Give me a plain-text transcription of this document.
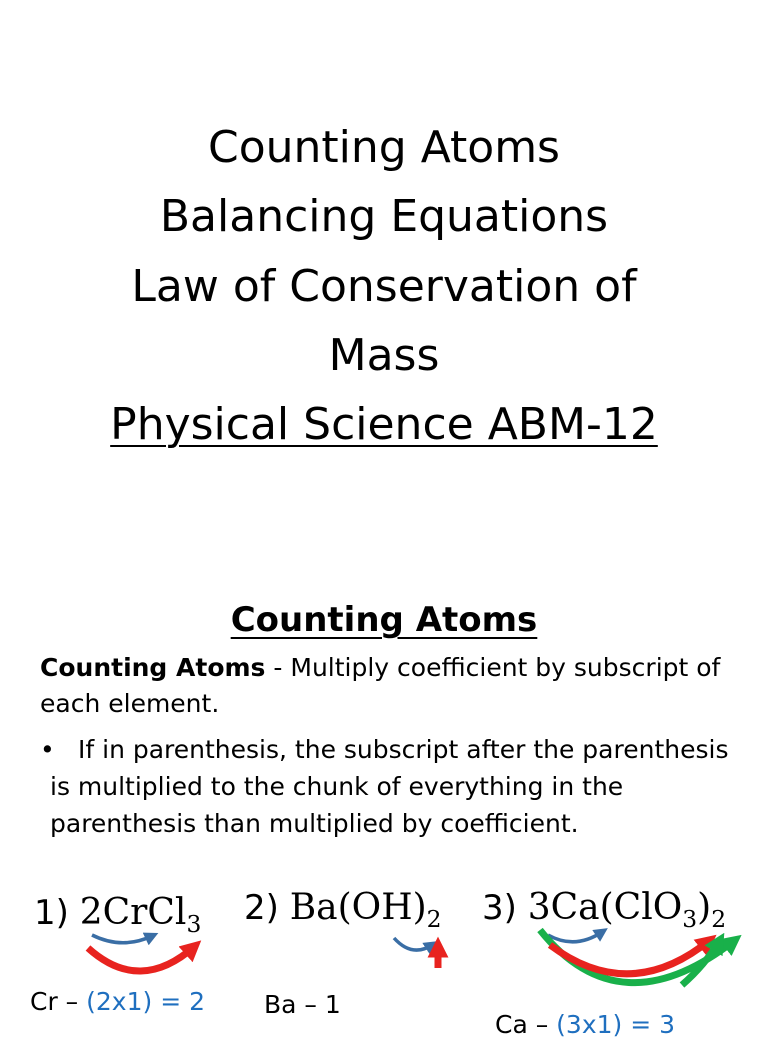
Counting Atoms
Balancing Equations
Law of Conservation of
Mass
Physical Science ABM-12
Counting Atoms
Counting Atoms - Multiply coefficient by subscript of each element.
• If in parenthesis, the subscript after the parenthesis is multiplied to the chunk of everything in the parenthesis than multiplied by coefficient.
1) 2CrCl$_3$ 2) $Ba(OH)_2$ 3) $3Ca(ClO_3)_2$
Cr – (2x1) = 2 Ba – 1
Ca – (3x1) = 3
